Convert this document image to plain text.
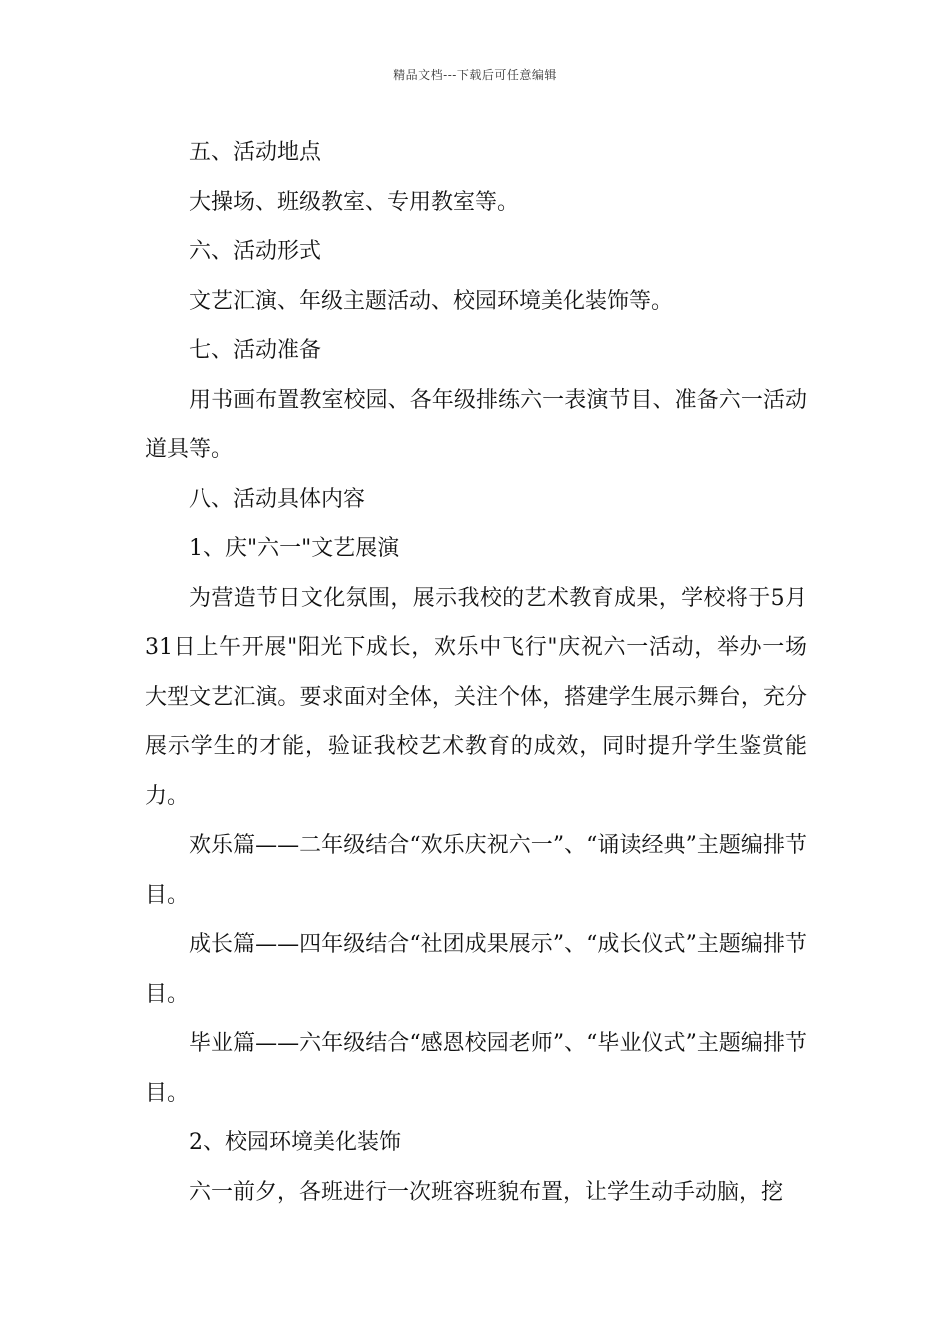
精品文档---下载后可任意编辑

五、活动地点

大操场、班级教室、专用教室等。

六、活动形式

文艺汇演、年级主题活动、校园环境美化装饰等。

七、活动准备

用书画布置教室校园、各年级排练六一表演节目、准备六一活动道具等。

八、活动具体内容

1、庆"六一"文艺展演

为营造节日文化氛围，展示我校的艺术教育成果，学校将于5月31日上午开展"阳光下成长，欢乐中飞行"庆祝六一活动，举办一场大型文艺汇演。要求面对全体，关注个体，搭建学生展示舞台，充分展示学生的才能，验证我校艺术教育的成效，同时提升学生鉴赏能力。

欢乐篇——二年级结合“欢乐庆祝六一”、“诵读经典”主题编排节目。

成长篇——四年级结合“社团成果展示”、“成长仪式”主题编排节目。

毕业篇——六年级结合“感恩校园老师”、“毕业仪式”主题编排节目。

2、校园环境美化装饰

六一前夕，各班进行一次班容班貌布置，让学生动手动脑，挖
